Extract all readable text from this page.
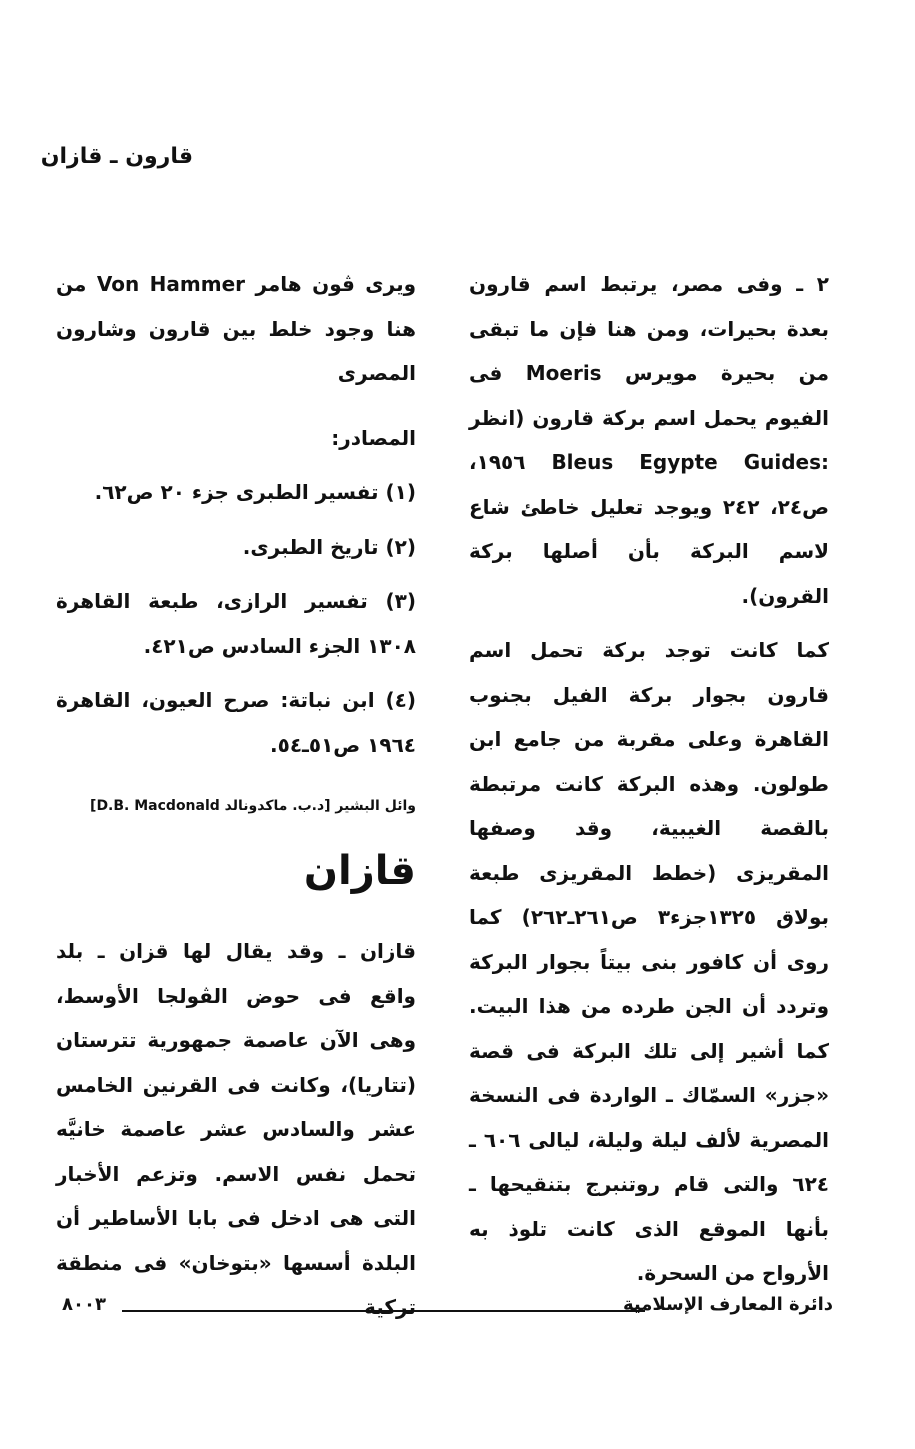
قارون ـ قازان

٢ ـ وفى مصر، يرتبط اسم قارون بعدة بحيرات، ومن هنا فإن ما تبقى من بحيرة مويرس Moeris فى الفيوم يحمل اسم بركة قارون (انظر :Bleus Egypte Guides ١٩٥٦، ص٢٤، ٢٤٢ ويوجد تعليل خاطئ شاع لاسم البركة بأن أصلها بركة القرون).

كما كانت توجد بركة تحمل اسم قارون بجوار بركة الفيل بجنوب القاهرة وعلى مقربة من جامع ابن طولون. وهذه البركة كانت مرتبطة بالقصة الغيبية، وقد وصفها المقريزى (خطط المقريزى طبعة بولاق ١٣٢٥جزء٣ ص٢٦١ـ٢٦٢) كما روى أن كافور بنى بيتاً بجوار البركة وتردد أن الجن طرده من هذا البيت. كما أشير إلى تلك البركة فى قصة «جزر» السمّاك ـ الواردة فى النسخة المصرية لألف ليلة وليلة، ليالى ٦٠٦ ـ ٦٢٤ والتى قام روتنبرج بتنقيحها ـ بأنها الموقع الذى كانت تلوذ به الأرواح من السحرة.

ويرى ڤون هامر Von Hammer من هنا وجود خلط بين قارون وشارون المصرى

المصادر:

(١) تفسير الطبرى جزء ٢٠ ص٦٢.

(٢) تاريخ الطبرى.

(٣) تفسير الرازى، طبعة القاهرة ١٣٠٨ الجزء السادس ص٤٢١.

(٤) ابن نباتة: صرح العيون، القاهرة ١٩٦٤ ص٥١ـ٥٤.

وائل البشير [د.ب. ماكدونالد D.B. Macdonald]

قازان

قازان ـ وقد يقال لها قزان ـ بلد واقع فى حوض الڤولجا الأوسط، وهى الآن عاصمة جمهورية تترستان (تتاريا)، وكانت فى القرنين الخامس عشر والسادس عشر عاصمة خانيَّه تحمل نفس الاسم. وتزعم الأخبار التى هى ادخل فى بابا الأساطير أن البلدة أسسها «بتوخان» فى منطقة تركية	دائرة المعارف الإسلامية
٨٠٠٣
